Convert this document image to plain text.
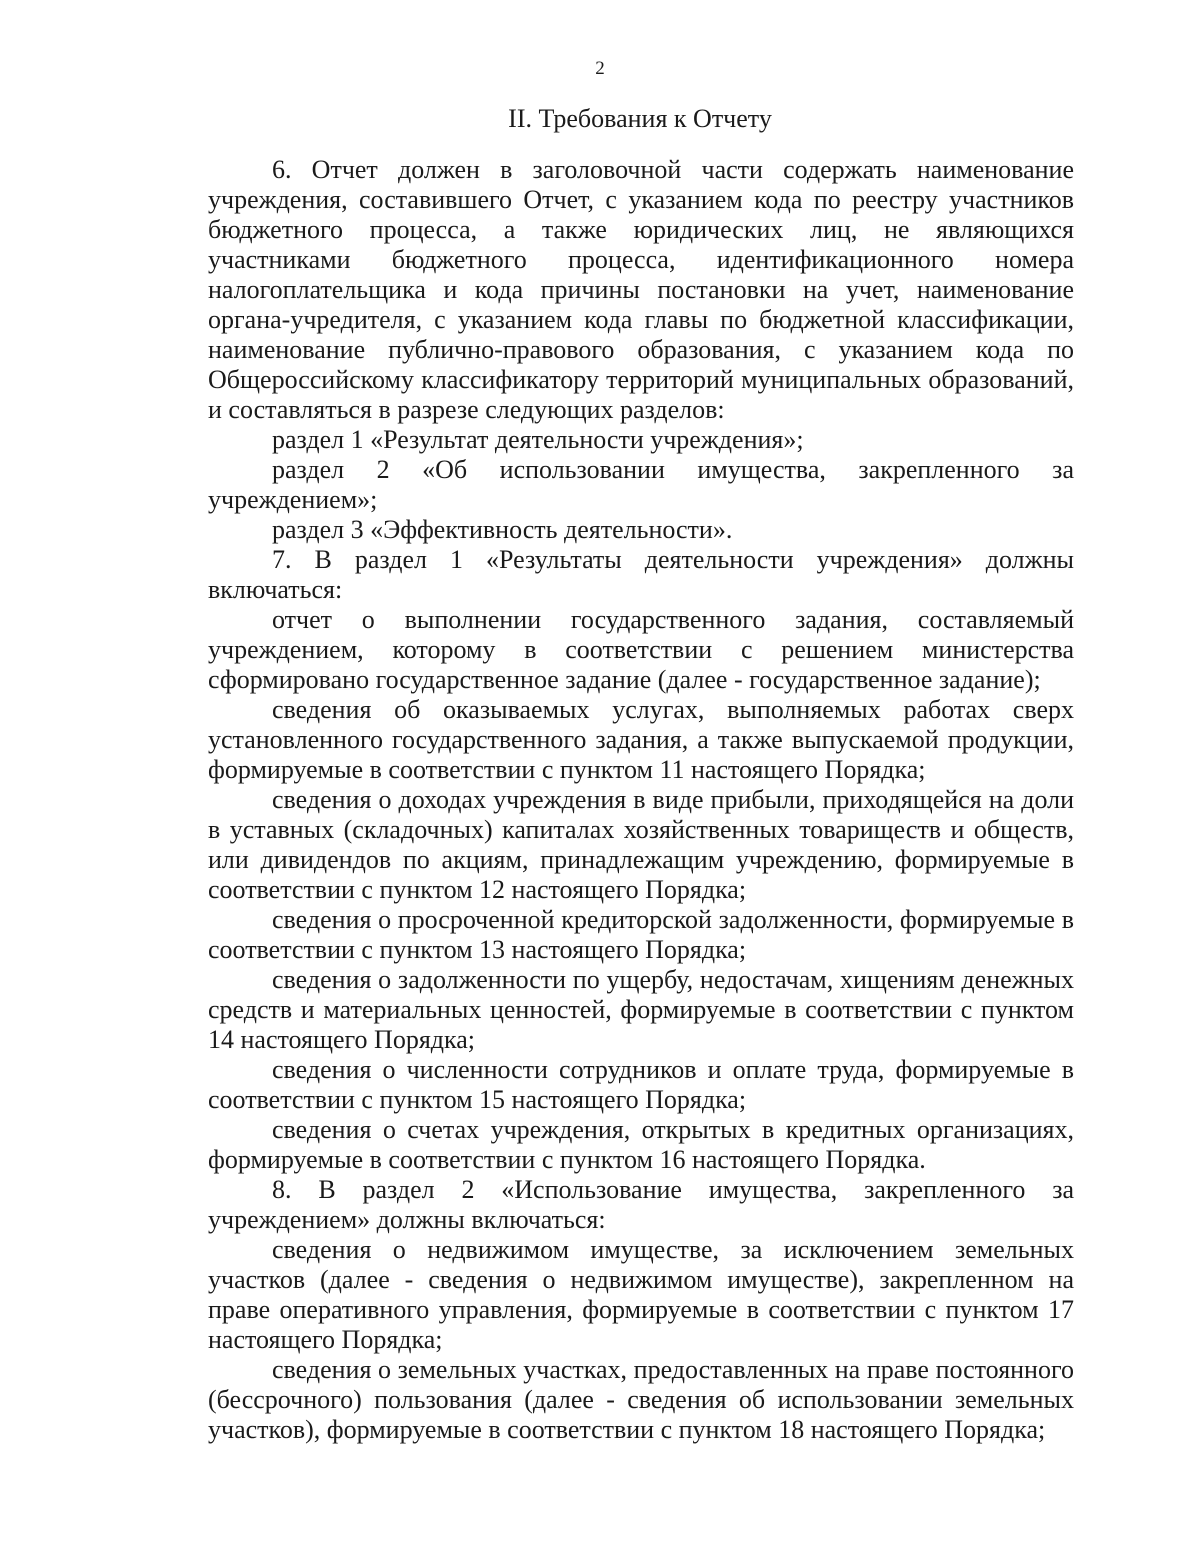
2
II. Требования к Отчету

6. Отчет должен в заголовочной части содержать наименование учреждения, составившего Отчет, с указанием кода по реестру участников бюджетного процесса, а также юридических лиц, не являющихся участниками бюджетного процесса, идентификационного номера налогоплательщика и кода причины постановки на учет, наименование органа-учредителя, с указанием кода главы по бюджетной классификации, наименование публично-правового образования, с указанием кода по Общероссийскому классификатору территорий муниципальных образований, и составляться в разрезе следующих разделов:

раздел 1 «Результат деятельности учреждения»;

раздел 2 «Об использовании имущества, закрепленного за учреждением»;

раздел 3 «Эффективность деятельности».

7. В раздел 1 «Результаты деятельности учреждения» должны включаться:

отчет о выполнении государственного задания, составляемый учреждением, которому в соответствии с решением министерства сформировано государственное задание (далее - государственное задание);

сведения об оказываемых услугах, выполняемых работах сверх установленного государственного задания, а также выпускаемой продукции, формируемые в соответствии с пунктом 11 настоящего Порядка;

сведения о доходах учреждения в виде прибыли, приходящейся на доли в уставных (складочных) капиталах хозяйственных товариществ и обществ, или дивидендов по акциям, принадлежащим учреждению, формируемые в соответствии с пунктом 12 настоящего Порядка;

сведения о просроченной кредиторской задолженности, формируемые в соответствии с пунктом 13 настоящего Порядка;

сведения о задолженности по ущербу, недостачам, хищениям денежных средств и материальных ценностей, формируемые в соответствии с пунктом 14 настоящего Порядка;

сведения о численности сотрудников и оплате труда, формируемые в соответствии с пунктом 15 настоящего Порядка;

сведения о счетах учреждения, открытых в кредитных организациях, формируемые в соответствии с пунктом 16 настоящего Порядка.

8. В раздел 2 «Использование имущества, закрепленного за учреждением» должны включаться:

сведения о недвижимом имуществе, за исключением земельных участков (далее - сведения о недвижимом имуществе), закрепленном на праве оперативного управления, формируемые в соответствии с пунктом 17 настоящего Порядка;

сведения о земельных участках, предоставленных на праве постоянного (бессрочного) пользования (далее - сведения об использовании земельных участков), формируемые в соответствии с пунктом 18 настоящего Порядка;
